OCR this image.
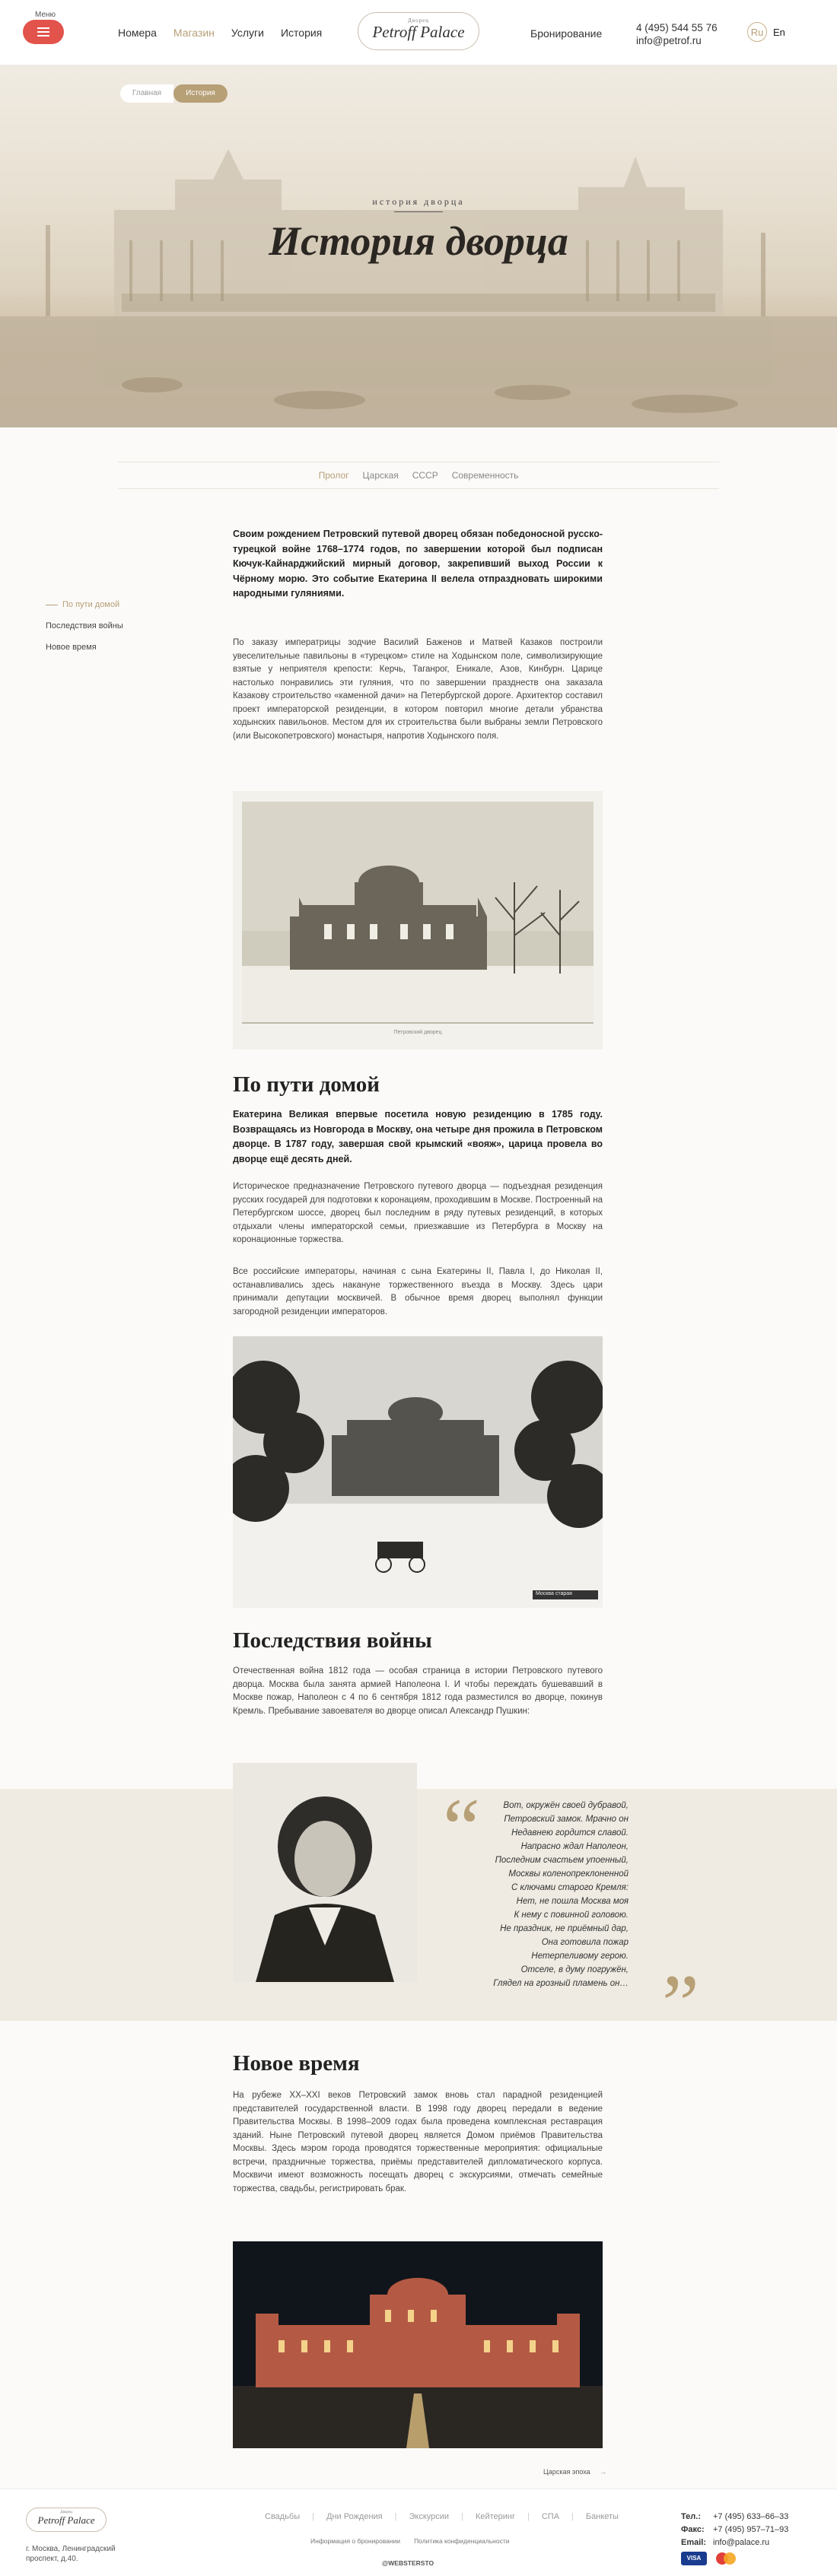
Меню
Номера Магазин Услуги История
Дворец
Petroff Palace	Бронирование	4 (495) 544 55 76
info@petrof.ru
Ru En
Главная	История
история дворца
История дворца
Пролог Царская СССР Современность
По пути домой
Последствия войны
Новое время

Своим рождением Петровский путевой дворец обязан победоносной русско-турецкой войне 1768–1774 годов, по завершении которой был подписан Кючук-Кайнарджийский мирный договор, закрепивший выход России к Чёрному морю. Это событие Екатерина II велела отпраздновать широкими народными гуляниями.

По заказу императрицы зодчие Василий Баженов и Матвей Казаков построили увеселительные павильоны в «турецком» стиле на Ходынском поле, символизирующие взятые у неприятеля крепости: Керчь, Таганрог, Еникале, Азов, Кинбурн. Царице настолько понравились эти гуляния, что по завершении празднеств она заказала Казакову строительство «каменной дачи» на Петербургской дороге. Архитектор составил проект императорской резиденции, в котором повторил многие детали убранства ходынских павильонов. Местом для их строительства были выбраны земли Петровского (или Высокопетровского) монастыря, напротив Ходынского поля.

Петровский дворец
По пути домой

Екатерина Великая впервые посетила новую резиденцию в 1785 году. Возвращаясь из Новгорода в Москву, она четыре дня прожила в Петровском дворце. В 1787 году, завершая свой крымский «вояж», царица провела во дворце ещё десять дней.

Историческое предназначение Петровского путевого дворца — подъездная резиденция русских государей для подготовки к коронациям, проходившим в Москве. Построенный на Петербургском шоссе, дворец был последним в ряду путевых резиденций, в которых отдыхали члены императорской семьи, приезжавшие из Петербурга в Москву на коронационные торжества.

Все российские императоры, начиная с сына Екатерины II, Павла I, до Николая II, останавливались здесь накануне торжественного въезда в Москву. Здесь цари принимали депутации москвичей. В обычное время дворец выполнял функции загородной резиденции императоров.

Москва старая
Последствия войны

Отечественная война 1812 года — особая страница в истории Петровского путевого дворца. Москва была занята армией Наполеона I. И чтобы переждать бушевавший в Москве пожар, Наполеон с 4 по 6 сентября 1812 года разместился во дворце, покинув Кремль. Пребывание завоевателя во дворце описал Александр Пушкин:

“	Вот, окружён своей дубравой,
Петровский замок. Мрачно он
Недавнею гордится славой.
Напрасно ждал Наполеон,
Последним счастьем упоенный,
Москвы коленопреклоненной
С ключами старого Кремля:
Нет, не пошла Москва моя
К нему с повинной головою.
Не праздник, не приёмный дар,
Она готовила пожар
Нетерпеливому герою.
Отселе, в думу погружён,
Глядел на грозный пламень он… ”
Новое время

На рубеже XX–XXI веков Петровский замок вновь стал парадной резиденцией представителей государственной власти. В 1998 году дворец передали в ведение Правительства Москвы. В 1998–2009 годах была проведена комплексная реставрация зданий. Ныне Петровский путевой дворец является Домом приёмов Правительства Москвы. Здесь мэром города проводятся торжественные мероприятия: официальные встречи, праздничные торжества, приёмы представителей дипломатического корпуса. Москвичи имеют возможность посещать дворец с экскурсиями, отмечать семейные торжества, свадьбы, регистрировать брак.

Царская эпоха →
Дворец
Petroff Palace
г. Москва, Ленинградский проспект, д.40.
Свадьбы	| Дни Рождения	| Экскурсии	| Кейтеринг	| СПА	| Банкеты
Информация о бронировании Политика конфиденциальности
@WEBSTERSTO
Тел.: +7 (495) 633–66–33
Факс: +7 (495) 957–71–93
Email: info@palace.ru
VISA
